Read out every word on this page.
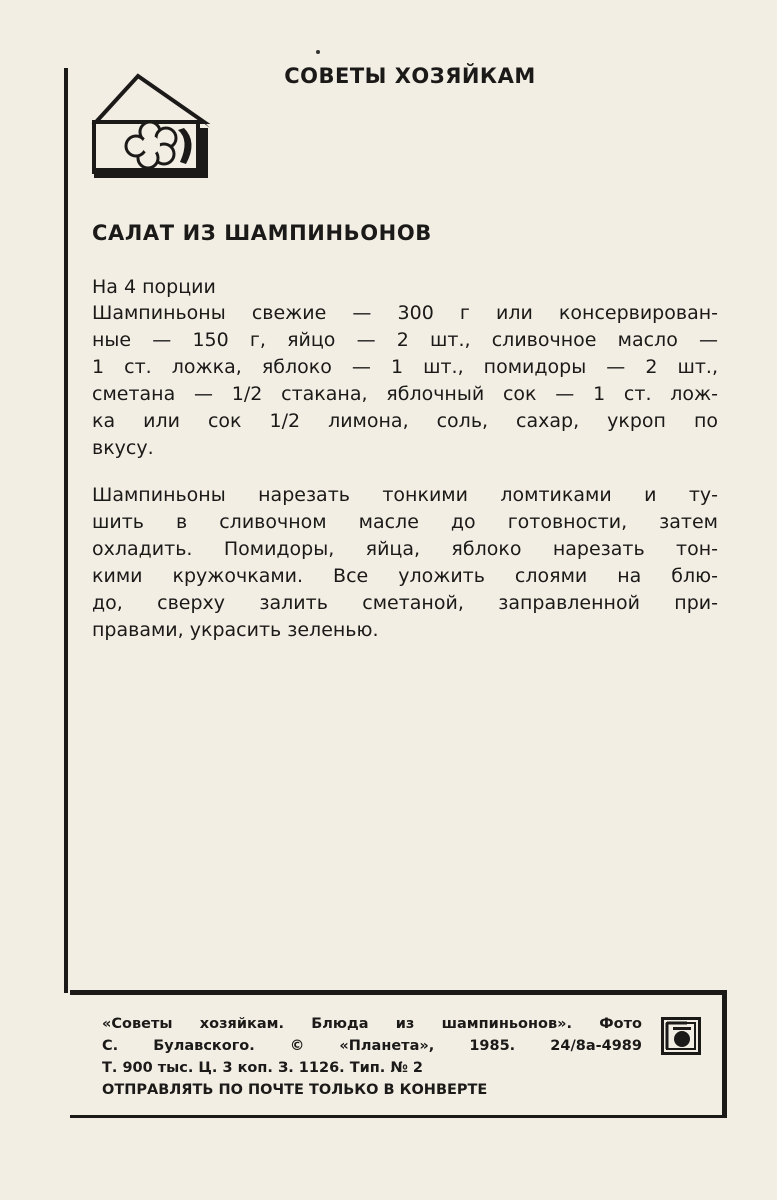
СОВЕТЫ ХОЗЯЙКАМ
САЛАТ ИЗ ШАМПИНЬОНОВ
На 4 порции
Шампиньоны свежие — 300 г или консервирован-
ные — 150 г, яйцо — 2 шт., сливочное масло —
1 ст. ложка, яблоко — 1 шт., помидоры — 2 шт.,
сметана — 1/2 стакана, яблочный сок — 1 ст. лож-
ка или сок 1/2 лимона, соль, сахар, укроп по
вкусу.
Шампиньоны нарезать тонкими ломтиками и ту-
шить в сливочном масле до готовности, затем
охладить. Помидоры, яйца, яблоко нарезать тон-
кими кружочками. Все уложить слоями на блю-
до, сверху залить сметаной, заправленной при-
правами, украсить зеленью.
«Советы хозяйкам. Блюда из шампиньонов». Фото
С. Булавского. © «Планета», 1985. 24/8а-4989
Т. 900 тыс. Ц. 3 коп. З. 1126. Тип. № 2
ОТПРАВЛЯТЬ ПО ПОЧТЕ ТОЛЬКО В КОНВЕРТЕ
